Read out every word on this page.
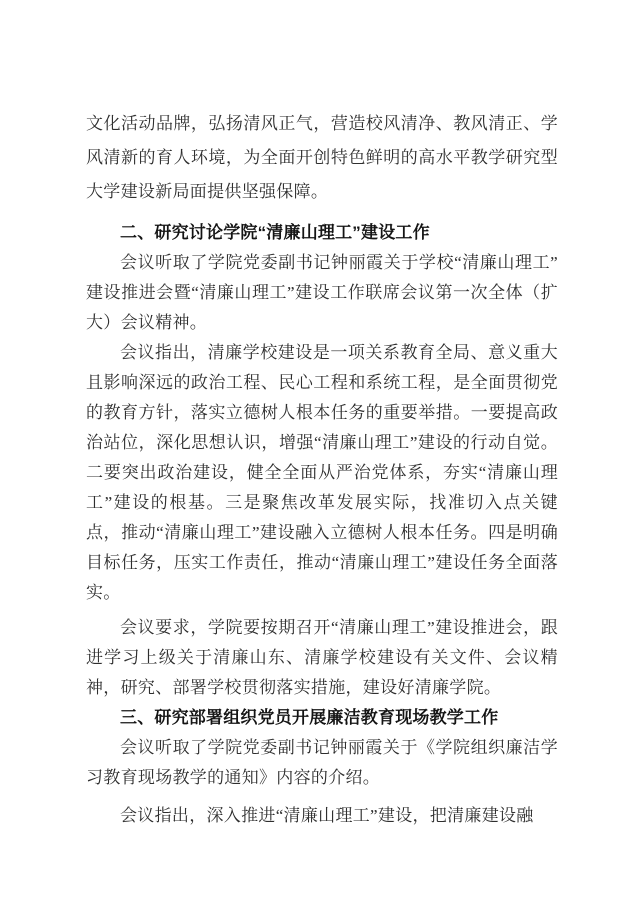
文化活动品牌，弘扬清风正气，营造校风清净、教风清正、学风清新的育人环境，为全面开创特色鲜明的高水平教学研究型大学建设新局面提供坚强保障。

二、研究讨论学院“清廉山理工”建设工作

会议听取了学院党委副书记钟丽霞关于学校“清廉山理工”建设推进会暨“清廉山理工”建设工作联席会议第一次全体（扩大）会议精神。

会议指出，清廉学校建设是一项关系教育全局、意义重大且影响深远的政治工程、民心工程和系统工程，是全面贯彻党的教育方针，落实立德树人根本任务的重要举措。一要提高政治站位，深化思想认识，增强“清廉山理工”建设的行动自觉。二要突出政治建设，健全全面从严治党体系，夯实“清廉山理工”建设的根基。三是聚焦改革发展实际，找准切入点关键点，推动“清廉山理工”建设融入立德树人根本任务。四是明确目标任务，压实工作责任，推动“清廉山理工”建设任务全面落实。

会议要求，学院要按期召开“清廉山理工”建设推进会，跟进学习上级关于清廉山东、清廉学校建设有关文件、会议精神，研究、部署学校贯彻落实措施，建设好清廉学院。

三、研究部署组织党员开展廉洁教育现场教学工作

会议听取了学院党委副书记钟丽霞关于《学院组织廉洁学习教育现场教学的通知》内容的介绍。

会议指出，深入推进“清廉山理工”建设，把清廉建设融
